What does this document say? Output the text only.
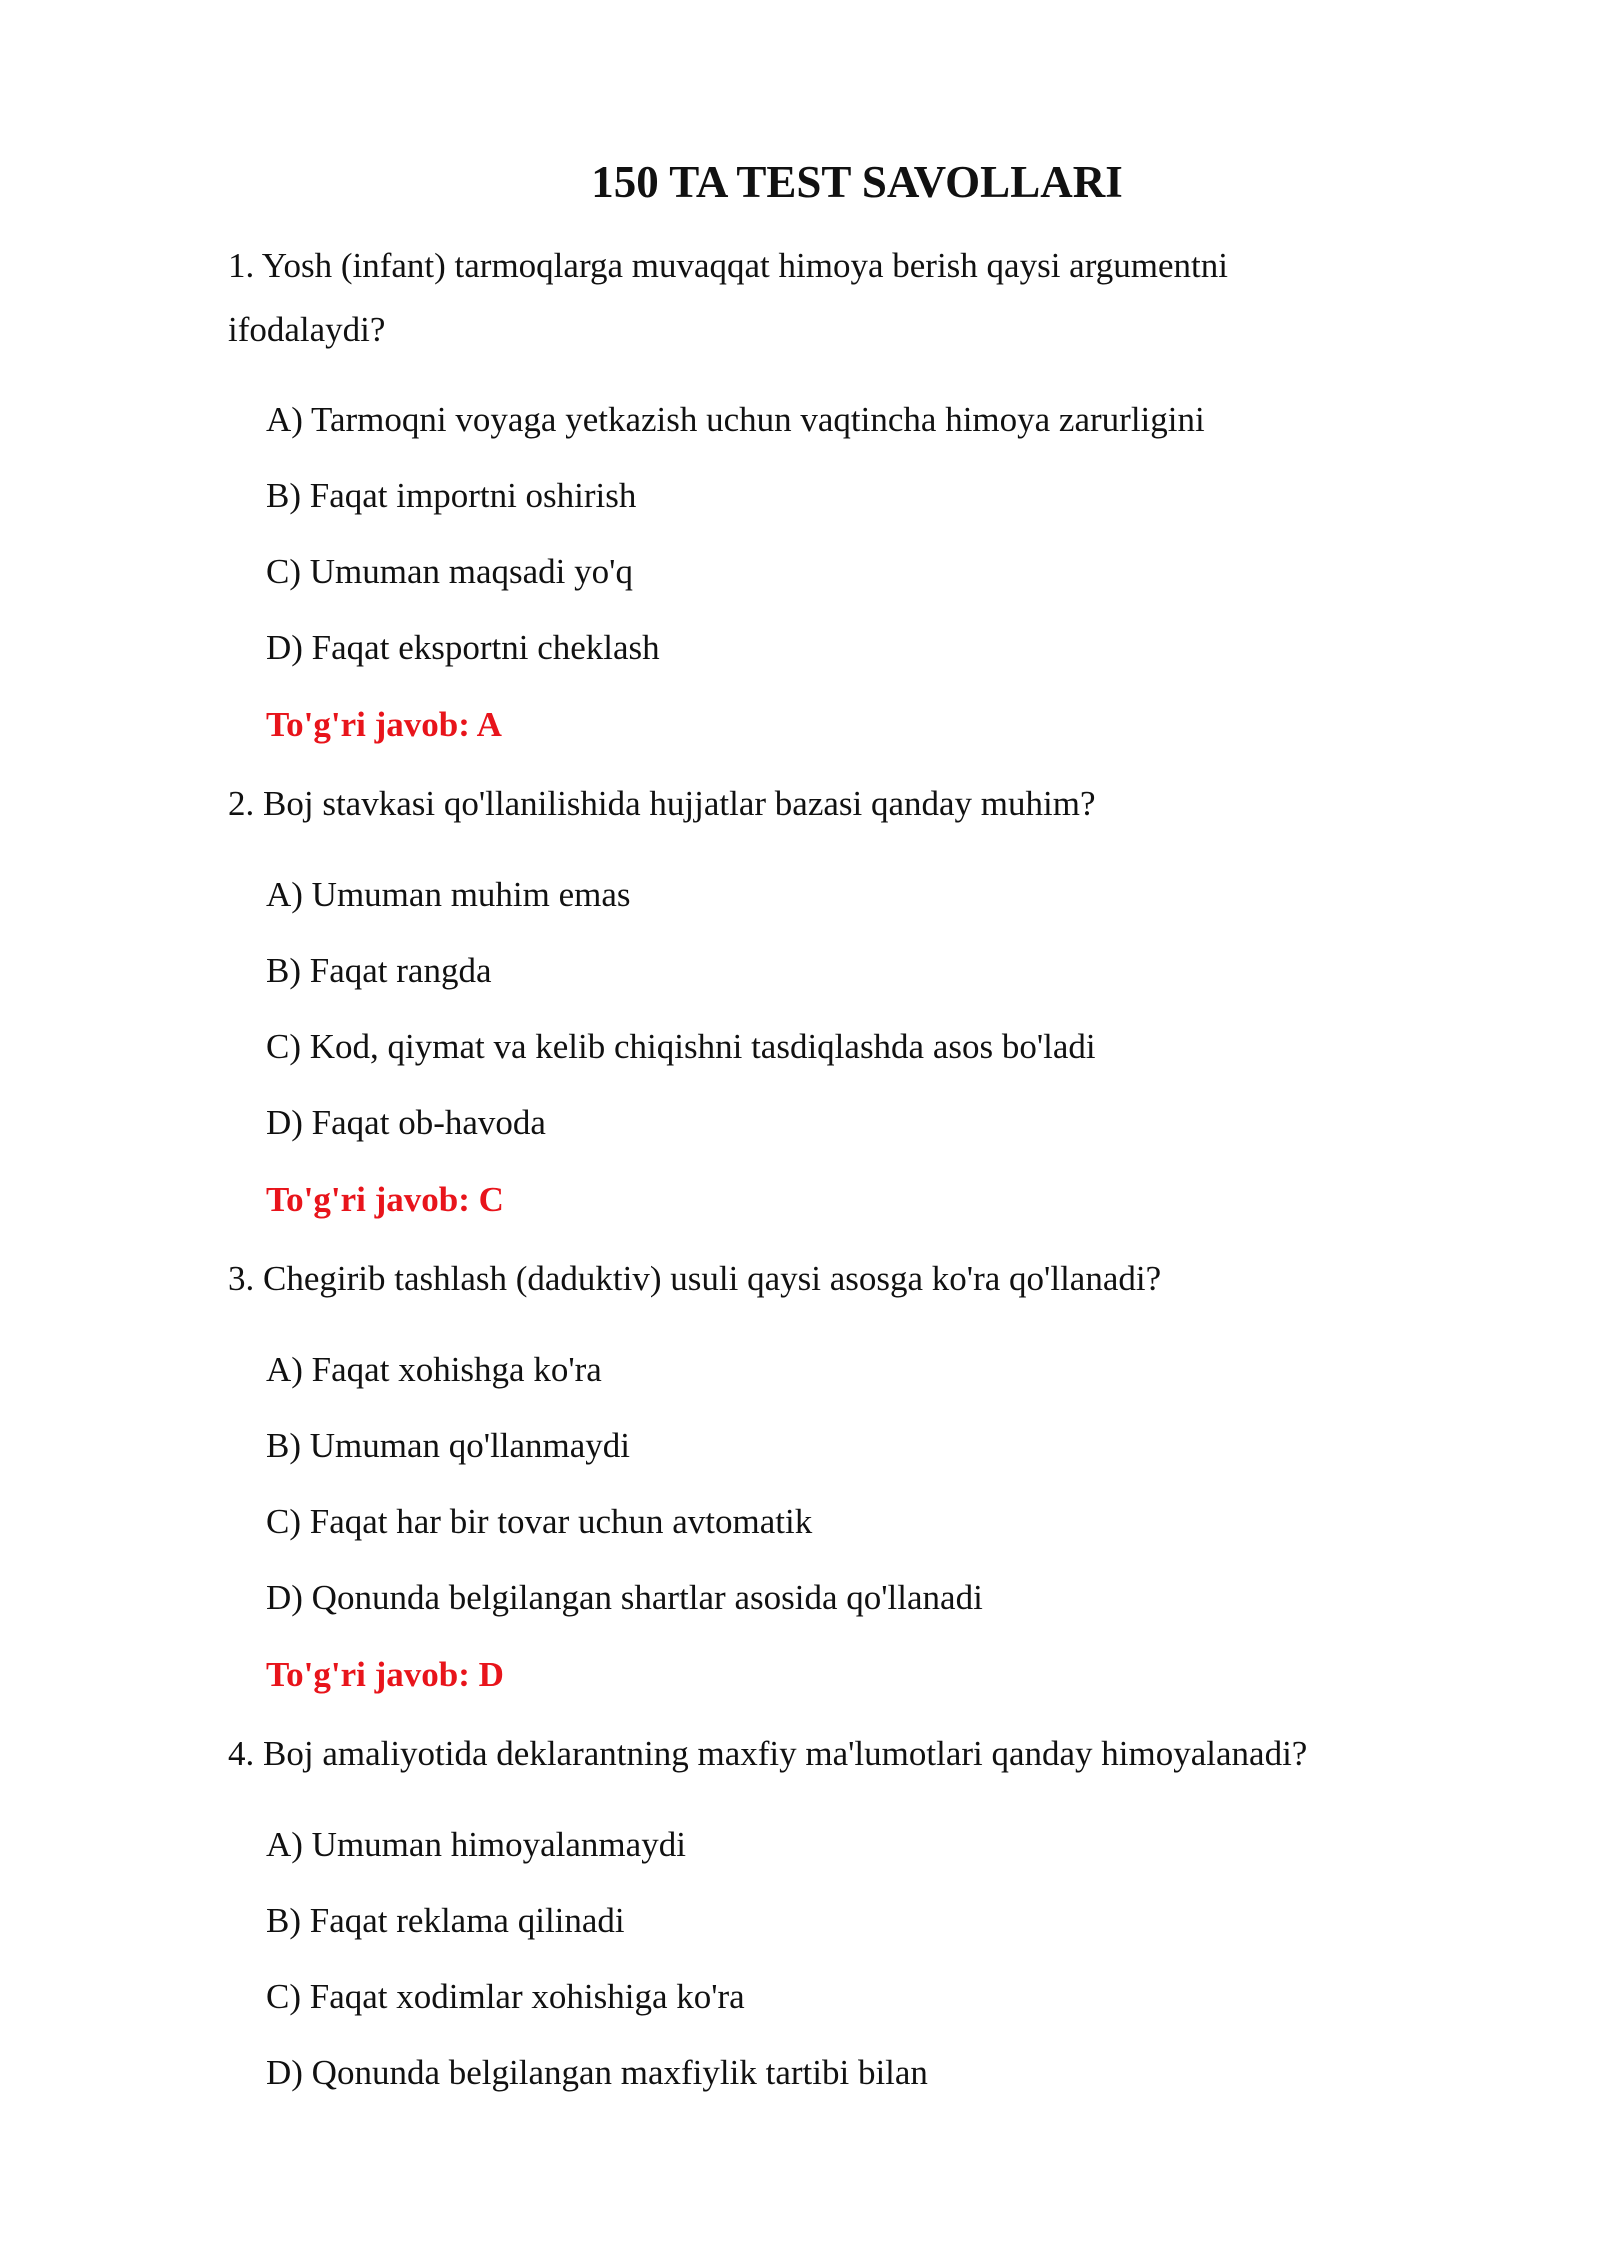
150 TA TEST SAVOLLARI

1. Yosh (infant) tarmoqlarga muvaqqat himoya berish qaysi argumentni ifodalaydi?

A) Tarmoqni voyaga yetkazish uchun vaqtincha himoya zarurligini

B) Faqat importni oshirish

C) Umuman maqsadi yo'q

D) Faqat eksportni cheklash

To'g'ri javob: A

2. Boj stavkasi qo'llanilishida hujjatlar bazasi qanday muhim?

A) Umuman muhim emas

B) Faqat rangda

C) Kod, qiymat va kelib chiqishni tasdiqlashda asos bo'ladi

D) Faqat ob-havoda

To'g'ri javob: C

3. Chegirib tashlash (daduktiv) usuli qaysi asosga ko'ra qo'llanadi?

A) Faqat xohishga ko'ra

B) Umuman qo'llanmaydi

C) Faqat har bir tovar uchun avtomatik

D) Qonunda belgilangan shartlar asosida qo'llanadi

To'g'ri javob: D

4. Boj amaliyotida deklarantning maxfiy ma'lumotlari qanday himoyalanadi?

A) Umuman himoyalanmaydi

B) Faqat reklama qilinadi

C) Faqat xodimlar xohishiga ko'ra

D) Qonunda belgilangan maxfiylik tartibi bilan
